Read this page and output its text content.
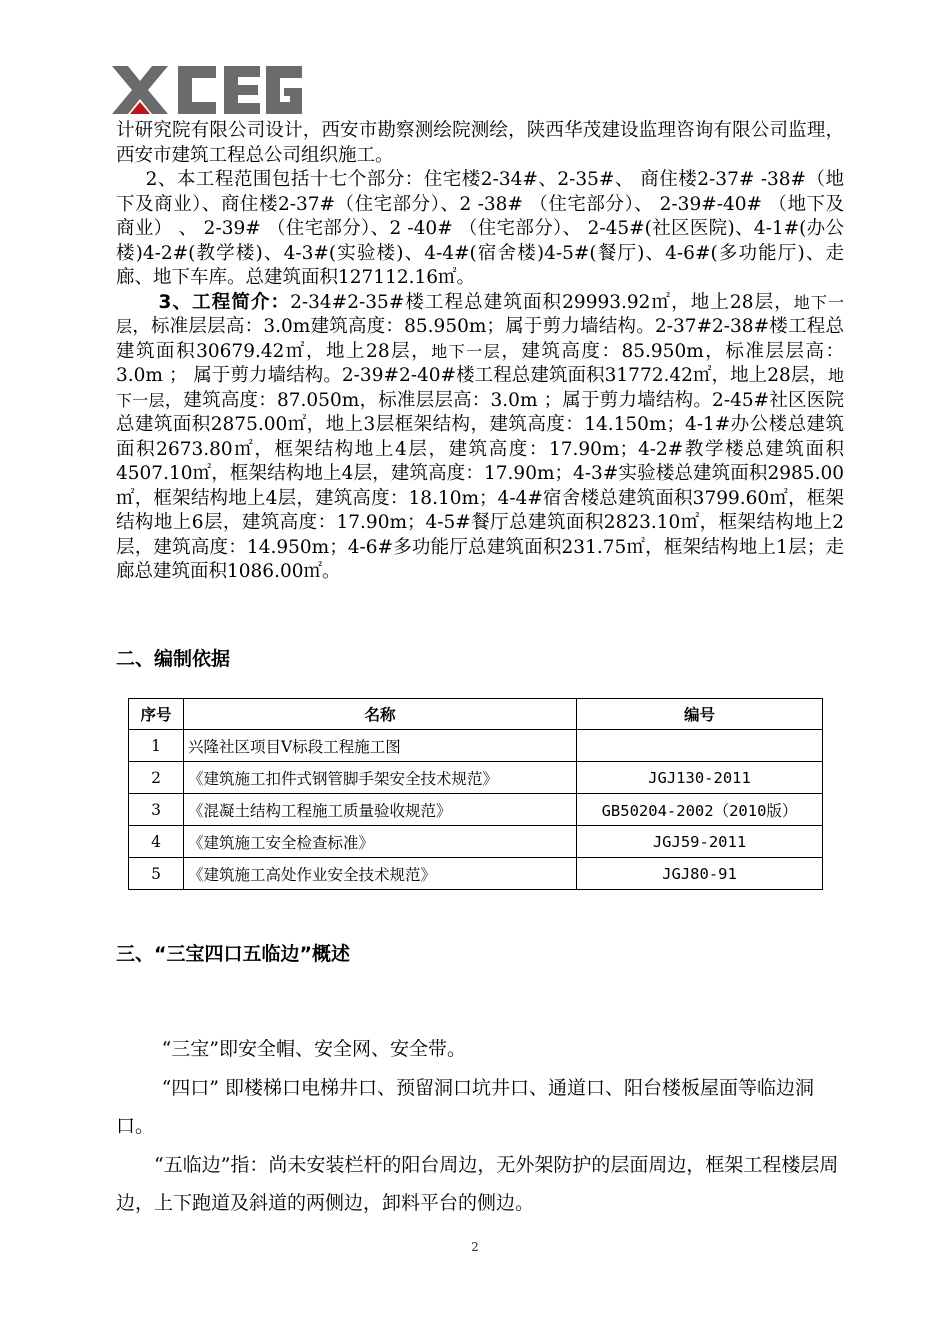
计研究院有限公司设计，西安市勘察测绘院测绘，陕西华茂建设监理咨询有限公司监理，西安市建筑工程总公司组织施工。

2、本工程范围包括十七个部分：住宅楼2-34#、2-35#、 商住楼2-37# -38#（地下及商业）、商住楼2-37#（住宅部分）、2 -38# （住宅部分）、 2-39#-40# （地下及商业） 、 2-39# （住宅部分）、2 -40# （住宅部分）、 2-45#(社区医院)、4-1#(办公楼)4-2#(教学楼)、4-3#(实验楼)、4-4#(宿舍楼)4-5#(餐厅)、4-6#(多功能厅)、走廊、地下车库。总建筑面积127112.16㎡。

3、工程简介：2-34#2-35#楼工程总建筑面积29993.92㎡，地上28层，地下一层，标准层层高：3.0m建筑高度：85.950m；属于剪力墙结构。2-37#2-38#楼工程总建筑面积30679.42㎡，地上28层，地下一层，建筑高度：85.950m，标准层层高： 3.0m ； 属于剪力墙结构。2-39#2-40#楼工程总建筑面积31772.42㎡，地上28层，地下一层，建筑高度：87.050m，标准层层高：3.0m ；属于剪力墙结构。2-45#社区医院总建筑面积2875.00㎡，地上3层框架结构，建筑高度：14.150m；4-1#办公楼总建筑面积2673.80㎡，框架结构地上4层，建筑高度：17.90m；4-2#教学楼总建筑面积4507.10㎡，框架结构地上4层，建筑高度：17.90m；4-3#实验楼总建筑面积2985.00㎡，框架结构地上4层，建筑高度：18.10m；4-4#宿舍楼总建筑面积3799.60㎡，框架结构地上6层，建筑高度：17.90m；4-5#餐厅总建筑面积2823.10㎡，框架结构地上2层，建筑高度：14.950m；4-6#多功能厅总建筑面积231.75㎡，框架结构地上1层；走廊总建筑面积1086.00㎡。

二、编制依据
序号	名称	编号
1	兴隆社区项目Ⅴ标段工程施工图	
2	《建筑施工扣件式钢管脚手架安全技术规范》	JGJ130-2011
3	《混凝土结构工程施工质量验收规范》	GB50204-2002（2010版）
4	《建筑施工安全检查标准》	JGJ59-2011
5	《建筑施工高处作业安全技术规范》	JGJ80-91
三、“三宝四口五临边”概述

“三宝”即安全帽、安全网、安全带。

“四口” 即楼梯口电梯井口、预留洞口坑井口、通道口、阳台楼板屋面等临边洞口。

“五临边”指：尚未安装栏杆的阳台周边，无外架防护的层面周边，框架工程楼层周边，上下跑道及斜道的两侧边，卸料平台的侧边。

2
